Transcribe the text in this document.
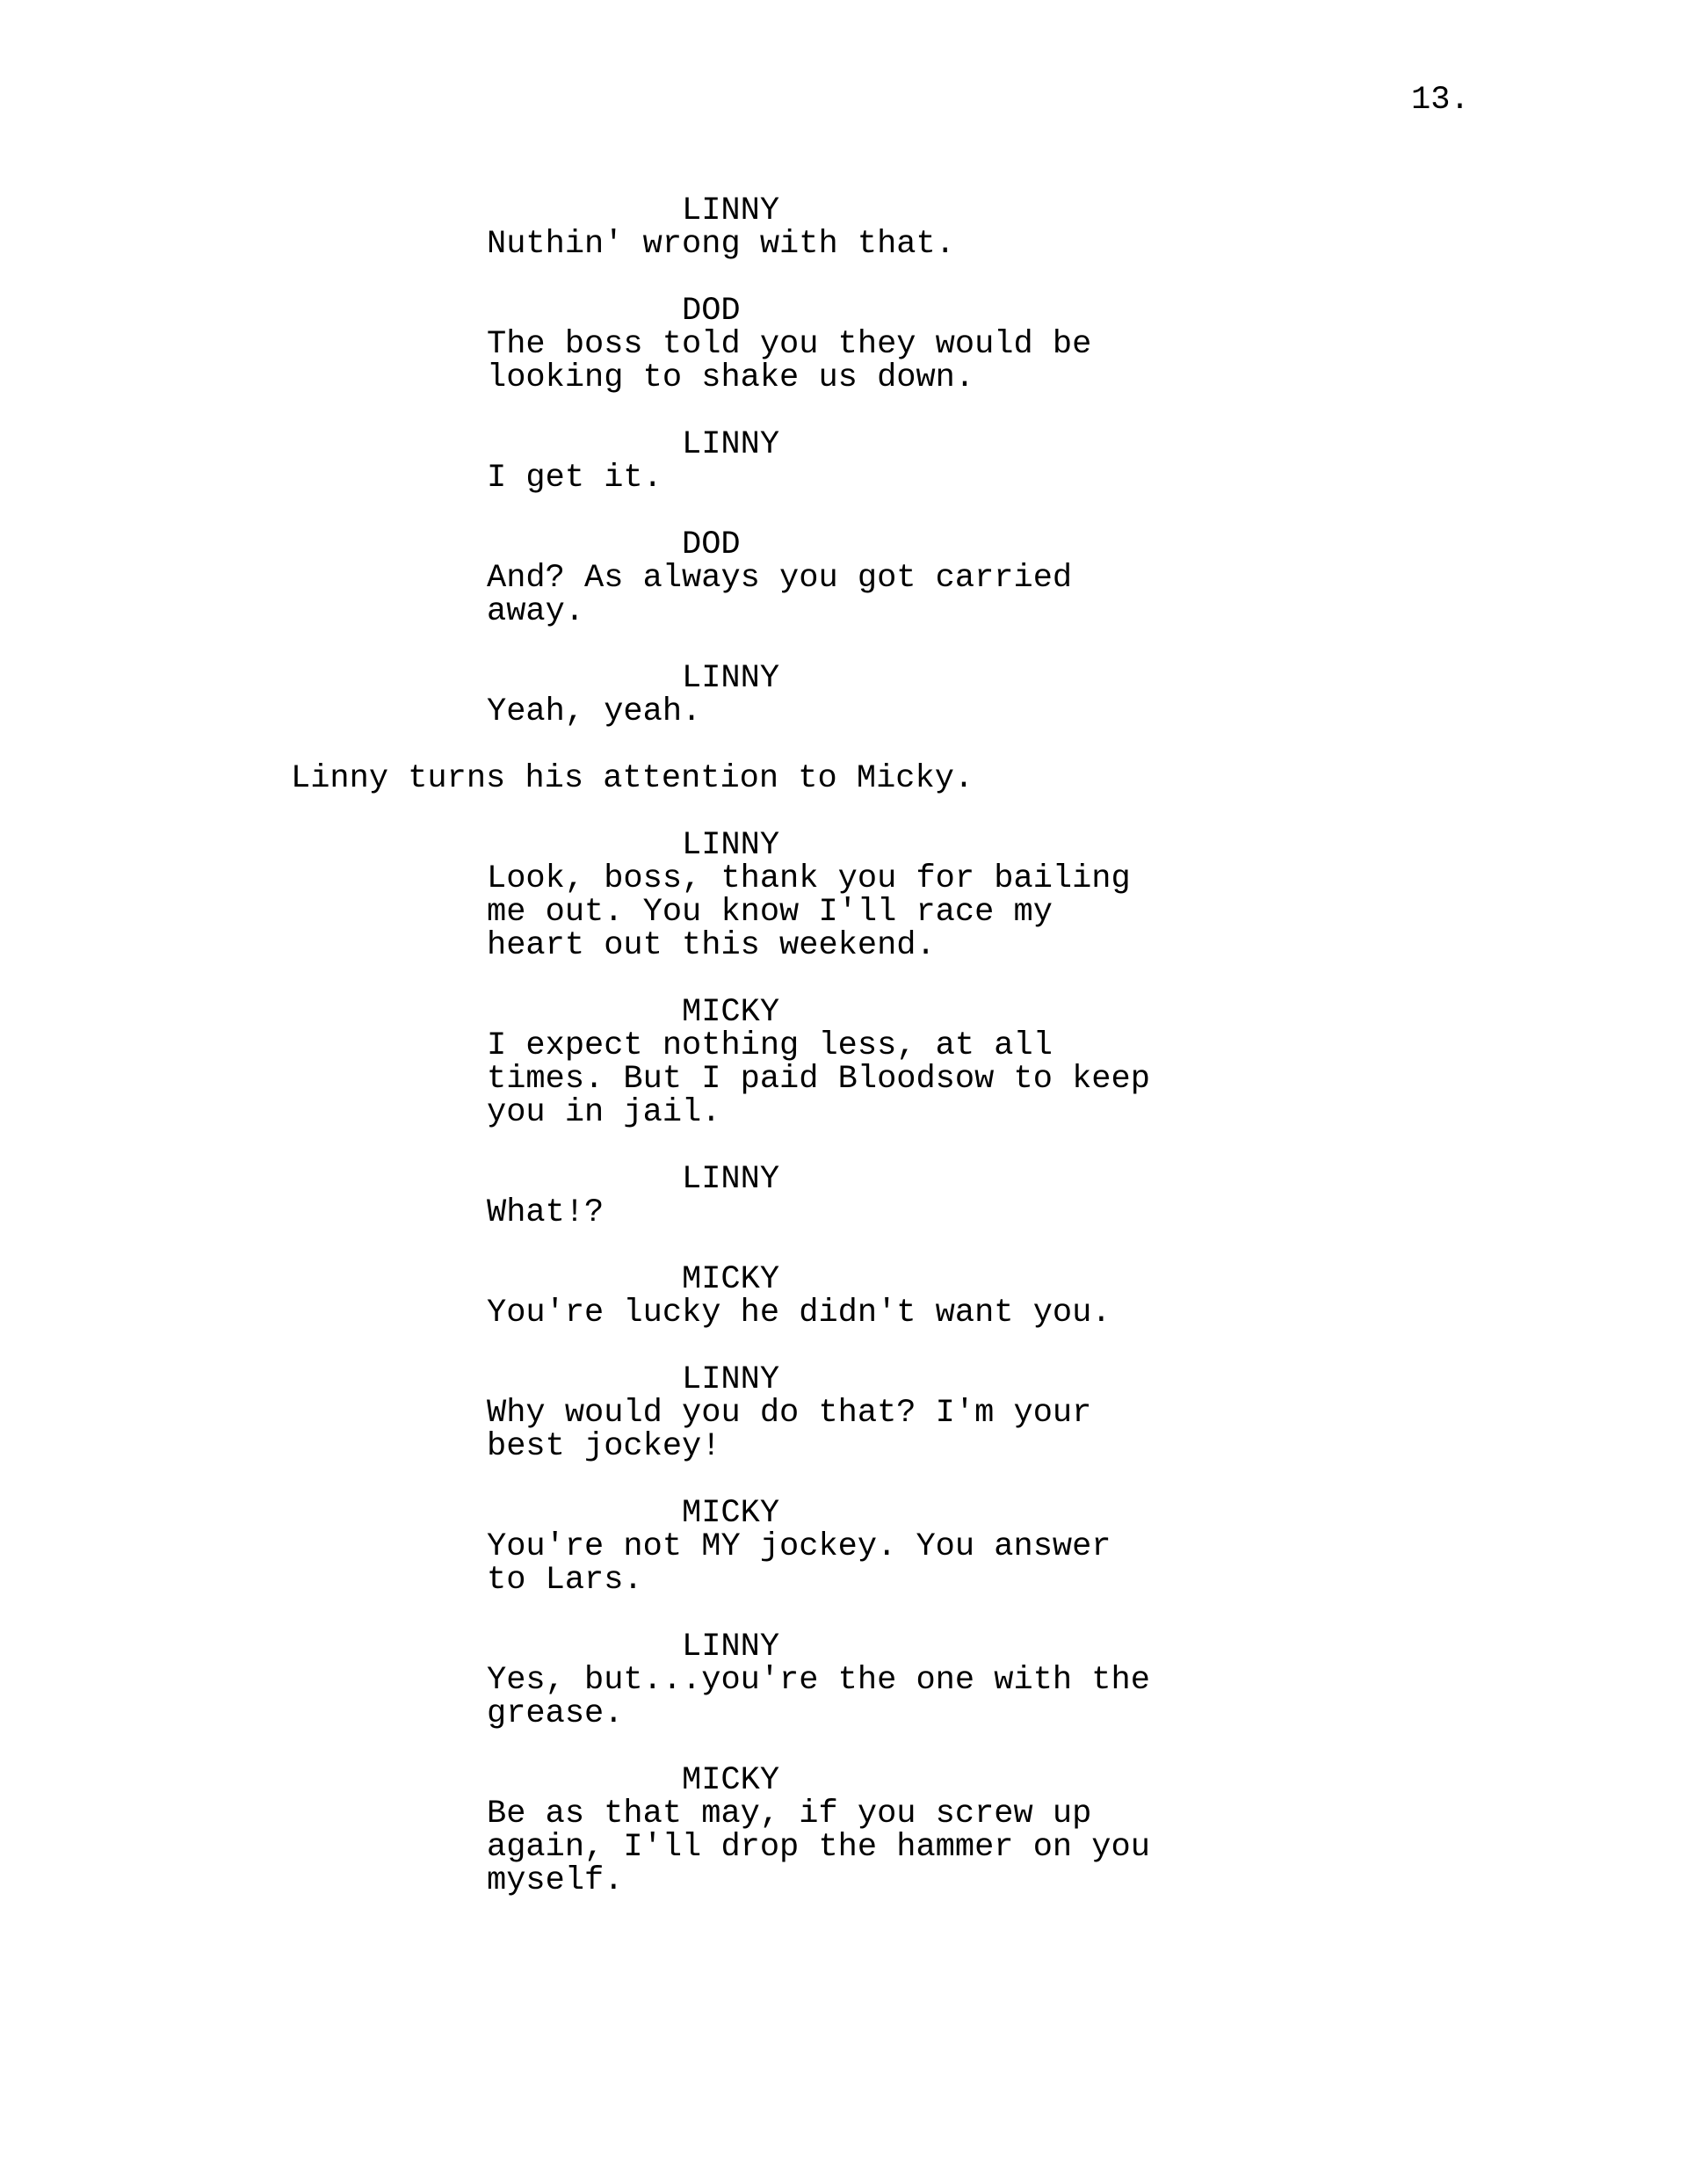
13.
LINNY
Nuthin' wrong with that.
DOD
The boss told you they would be
looking to shake us down.
LINNY
I get it.
DOD
And? As always you got carried
away.
LINNY
Yeah, yeah.
Linny turns his attention to Micky.
LINNY
Look, boss, thank you for bailing
me out. You know I'll race my
heart out this weekend.
MICKY
I expect nothing less, at all
times. But I paid Bloodsow to keep
you in jail.
LINNY
What!?
MICKY
You're lucky he didn't want you.
LINNY
Why would you do that? I'm your
best jockey!
MICKY
You're not MY jockey. You answer
to Lars.
LINNY
Yes, but...you're the one with the
grease.
MICKY
Be as that may, if you screw up
again, I'll drop the hammer on you
myself.
